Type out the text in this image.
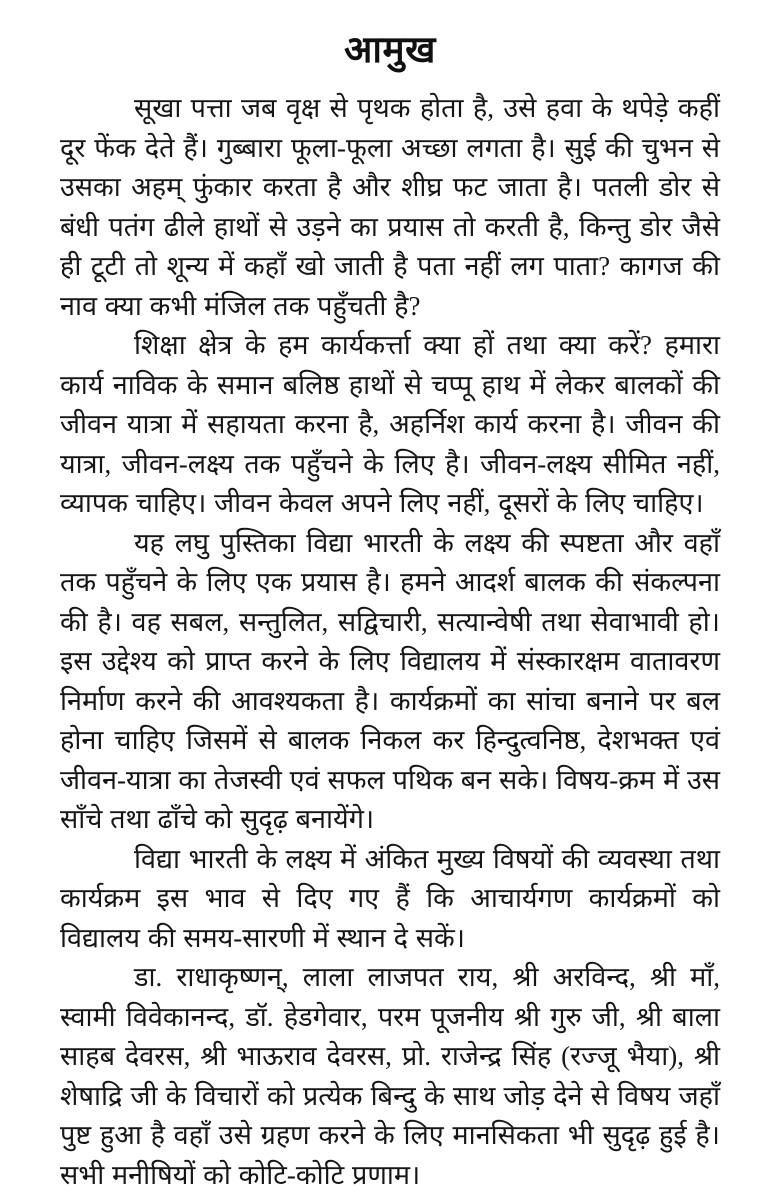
आमुख

सूखा पत्ता जब वृक्ष से पृथक होता है, उसे हवा के थपेड़े कहीं दूर फेंक देते हैं। गुब्बारा फूला-फूला अच्छा लगता है। सुई की चुभन से उसका अहम् फुंकार करता है और शीघ्र फट जाता है। पतली डोर से बंधी पतंग ढीले हाथों से उड़ने का प्रयास तो करती है, किन्तु डोर जैसे ही टूटी तो शून्य में कहाँ खो जाती है पता नहीं लग पाता? कागज की नाव क्या कभी मंजिल तक पहुँचती है?

शिक्षा क्षेत्र के हम कार्यकर्त्ता क्या हों तथा क्या करें? हमारा कार्य नाविक के समान बलिष्ठ हाथों से चप्पू हाथ में लेकर बालकों की जीवन यात्रा में सहायता करना है, अहर्निश कार्य करना है। जीवन की यात्रा, जीवन-लक्ष्य तक पहुँचने के लिए है। जीवन-लक्ष्य सीमित नहीं, व्यापक चाहिए। जीवन केवल अपने लिए नहीं, दूसरों के लिए चाहिए।

यह लघु पुस्तिका विद्या भारती के लक्ष्य की स्पष्टता और वहाँ तक पहुँचने के लिए एक प्रयास है। हमने आदर्श बालक की संकल्पना की है। वह सबल, सन्तुलित, सद्विचारी, सत्यान्वेषी तथा सेवाभावी हो। इस उद्देश्य को प्राप्त करने के लिए विद्यालय में संस्कारक्षम वातावरण निर्माण करने की आवश्यकता है। कार्यक्रमों का सांचा बनाने पर बल होना चाहिए जिसमें से बालक निकल कर हिन्दुत्वनिष्ठ, देशभक्त एवं जीवन-यात्रा का तेजस्वी एवं सफल पथिक बन सके। विषय-क्रम में उस साँचे तथा ढाँचे को सुदृढ़ बनायेंगे।

विद्या भारती के लक्ष्य में अंकित मुख्य विषयों की व्यवस्था तथा कार्यक्रम इस भाव से दिए गए हैं कि आचार्यगण कार्यक्रमों को विद्यालय की समय-सारणी में स्थान दे सकें।

डा. राधाकृष्णन्, लाला लाजपत राय, श्री अरविन्द, श्री माँ, स्वामी विवेकानन्द, डॉ. हेडगेवार, परम पूजनीय श्री गुरु जी, श्री बाला साहब देवरस, श्री भाऊराव देवरस, प्रो. राजेन्द्र सिंह (रज्जू भैया), श्री शेषाद्रि जी के विचारों को प्रत्येक बिन्दु के साथ जोड़ देने से विषय जहाँ पुष्ट हुआ है वहाँ उसे ग्रहण करने के लिए मानसिकता भी सुदृढ़ हुई है। सभी मनीषियों को कोटि-कोटि प्रणाम।
